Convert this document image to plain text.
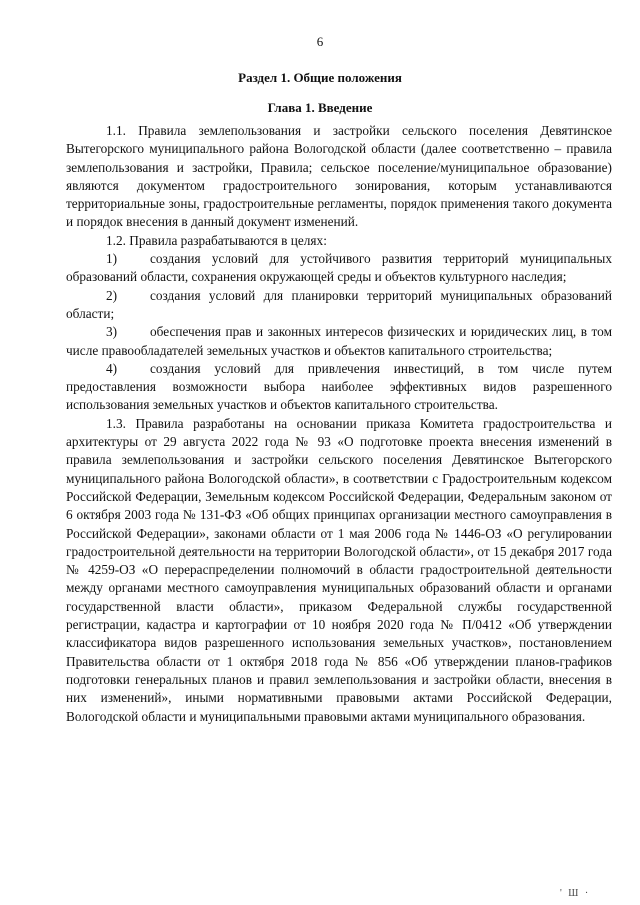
6
Раздел 1. Общие положения
Глава 1. Введение

1.1. Правила землепользования и застройки сельского поселения Девятинское Вытегорского муниципального района Вологодской области (далее соответственно – правила землепользования и застройки, Правила; сельское поселение/муниципальное образование) являются документом градостроительного зонирования, которым устанавливаются территориальные зоны, градостроительные регламенты, порядок применения такого документа и порядок внесения в данный документ изменений.

1.2. Правила разрабатываются в целях:

1) создания условий для устойчивого развития территорий муниципальных образований области, сохранения окружающей среды и объектов культурного наследия;

2) создания условий для планировки территорий муниципальных образований области;

3) обеспечения прав и законных интересов физических и юридических лиц, в том числе правообладателей земельных участков и объектов капитального строительства;

4) создания условий для привлечения инвестиций, в том числе путем предоставления возможности выбора наиболее эффективных видов разрешенного использования земельных участков и объектов капитального строительства.

1.3. Правила разработаны на основании приказа Комитета градостроительства и архитектуры от 29 августа 2022 года № 93 «О подготовке проекта внесения изменений в правила землепользования и застройки сельского поселения Девятинское Вытегорского муниципального района Вологодской области», в соответствии с Градостроительным кодексом Российской Федерации, Земельным кодексом Российской Федерации, Федеральным законом от 6 октября 2003 года № 131-ФЗ «Об общих принципах организации местного самоуправления в Российской Федерации», законами области от 1 мая 2006 года № 1446-ОЗ «О регулировании градостроительной деятельности на территории Вологодской области», от 15 декабря 2017 года № 4259-ОЗ «О перераспределении полномочий в области градостроительной деятельности между органами местного самоуправления муниципальных образований области и органами государственной власти области», приказом Федеральной службы государственной регистрации, кадастра и картографии от 10 ноября 2020 года № П/0412 «Об утверждении классификатора видов разрешенного использования земельных участков», постановлением Правительства области от 1 октября 2018 года № 856 «Об утверждении планов-графиков подготовки генеральных планов и правил землепользования и застройки области, внесения в них изменений», иными нормативными правовыми актами Российской Федерации, Вологодской области и муниципальными правовыми актами муниципального образования.

' Ш ·
